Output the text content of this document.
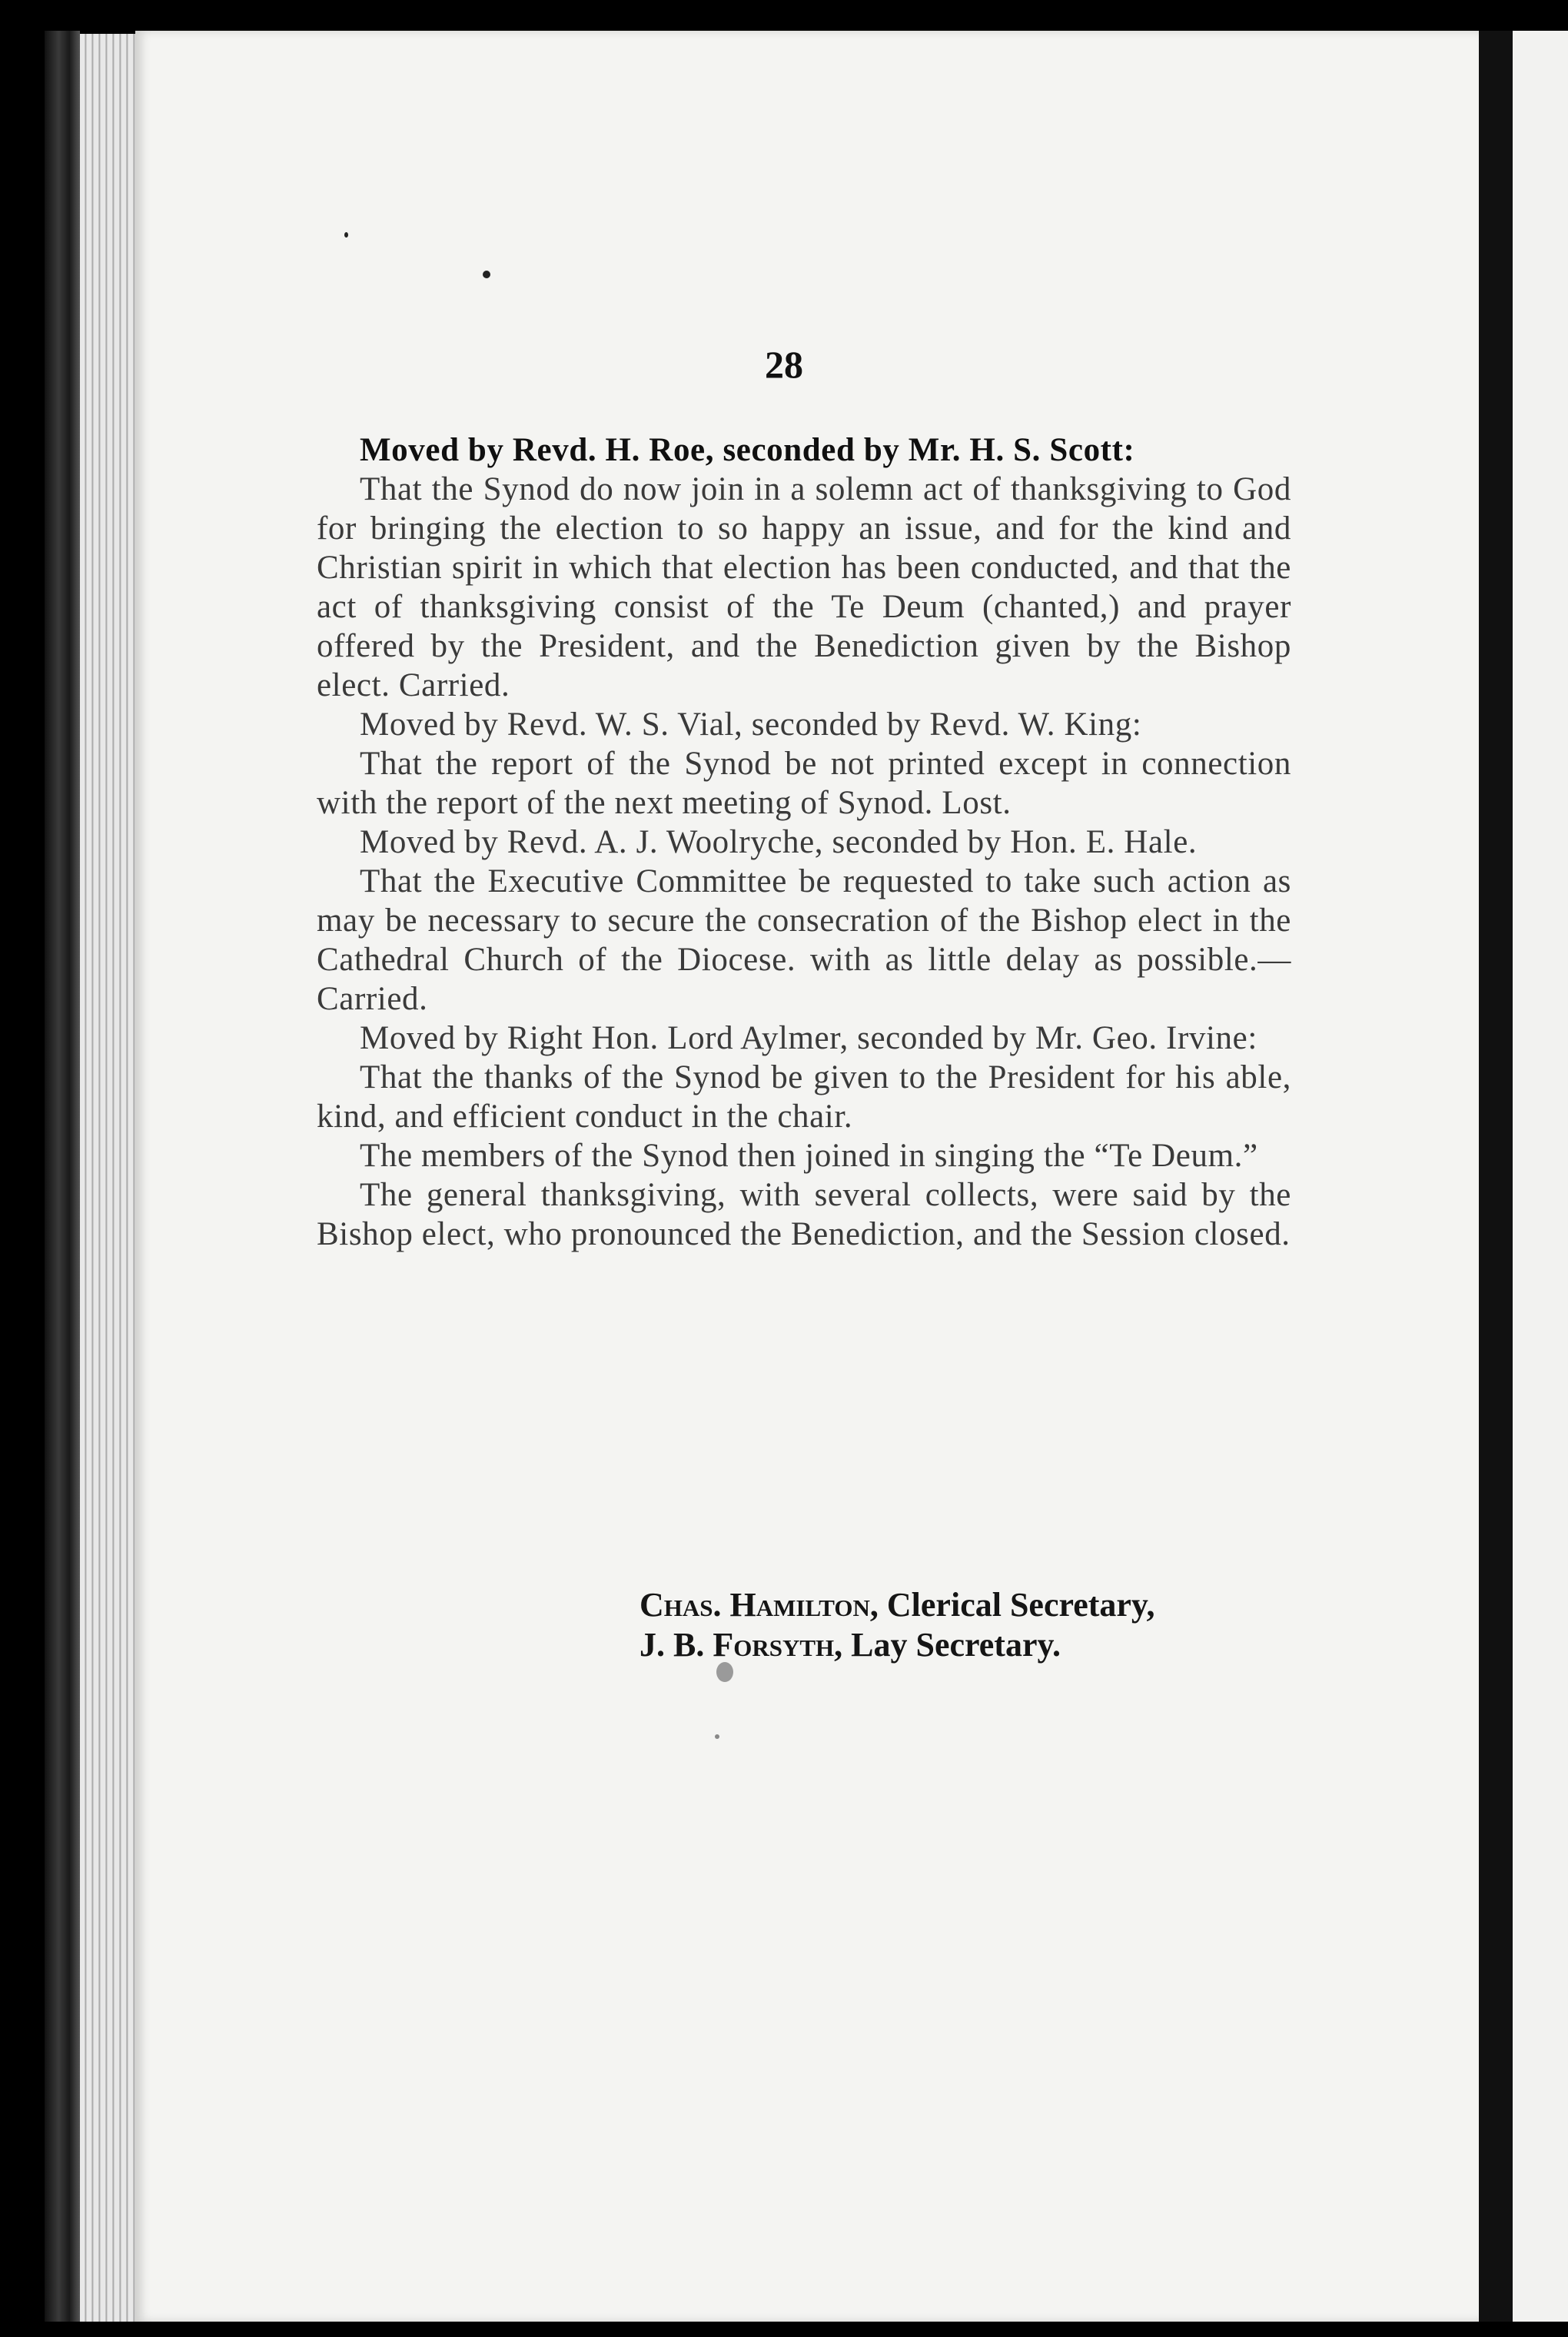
28

Moved by Revd. H. Roe, seconded by Mr. H. S. Scott:

That the Synod do now join in a solemn act of thanksgiving to God for bringing the election to so happy an issue, and for the kind and Christian spirit in which that election has been conducted, and that the act of thanksgiving consist of the Te Deum (chanted,) and prayer offered by the President, and the Benediction given by the Bishop elect. Carried.

Moved by Revd. W. S. Vial, seconded by Revd. W. King:

That the report of the Synod be not printed except in connection with the report of the next meeting of Synod. Lost.

Moved by Revd. A. J. Woolryche, seconded by Hon. E. Hale.

That the Executive Committee be requested to take such action as may be necessary to secure the consecration of the Bishop elect in the Cathedral Church of the Diocese. with as little delay as possible.—Carried.

Moved by Right Hon. Lord Aylmer, seconded by Mr. Geo. Irvine:

That the thanks of the Synod be given to the President for his able, kind, and efficient conduct in the chair.

The members of the Synod then joined in singing the “Te Deum.”

The general thanksgiving, with several collects, were said by the Bishop elect, who pronounced the Benediction, and the Session closed.

Chas. Hamilton, Clerical Secretary,
J. B. Forsyth, Lay Secretary.
